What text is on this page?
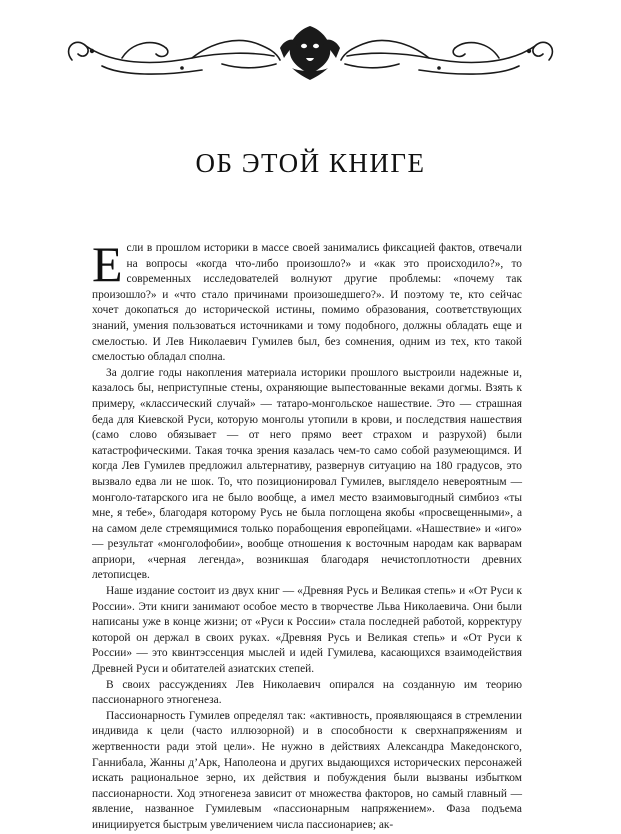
ОБ ЭТОЙ КНИГЕ

Если в прошлом историки в массе своей занимались фиксацией фактов, отвечали на вопросы «когда что-либо произошло?» и «как это происходило?», то современных исследователей волнуют другие проблемы: «почему так произошло?» и «что стало причинами произошедшего?». И поэтому те, кто сейчас хочет докопаться до исторической истины, помимо образования, соответствующих знаний, умения пользоваться источниками и тому подобного, должны обладать еще и смелостью. И Лев Николаевич Гумилев был, без сомнения, одним из тех, кто такой смелостью обладал сполна.

За долгие годы накопления материала историки прошлого выстроили надежные и, казалось бы, неприступные стены, охраняющие выпестованные веками догмы. Взять к примеру, «классический случай» — татаро-монгольское нашествие. Это — страшная беда для Киевской Руси, которую монголы утопили в крови, и последствия нашествия (само слово обязывает — от него прямо веет страхом и разрухой) были катастрофическими. Такая точка зрения казалась чем-то само собой разумеющимся. И когда Лев Гумилев предложил альтернативу, развернув ситуацию на 180 градусов, это вызвало едва ли не шок. То, что позиционировал Гумилев, выглядело невероятным — монголо-татарского ига не было вообще, а имел место взаимовыгодный симбиоз «ты мне, я тебе», благодаря которому Русь не была поглощена якобы «просвещенными», а на самом деле стремящимися только порабощения европейцами. «Нашествие» и «иго» — результат «монголофобии», вообще отношения к восточным народам как варварам априори, «черная легенда», возникшая благодаря нечистоплотности древних летописцев.

Наше издание состоит из двух книг — «Древняя Русь и Великая степь» и «От Руси к России». Эти книги занимают особое место в творчестве Льва Николаевича. Они были написаны уже в конце жизни; от «Руси к России» стала последней работой, корректуру которой он держал в своих руках. «Древняя Русь и Великая степь» и «От Руси к России» — это квинтэссенция мыслей и идей Гумилева, касающихся взаимодействия Древней Руси и обитателей азиатских степей.

В своих рассуждениях Лев Николаевич опирался на созданную им теорию пассионарного этногенеза.

Пассионарность Гумилев определял так: «активность, проявляющаяся в стремлении индивида к цели (часто иллюзорной) и в способности к сверхнапряжениям и жертвенности ради этой цели». Не нужно в действиях Александра Македонского, Ганнибала, Жанны д’Арк, Наполеона и других выдающихся исторических персонажей искать рациональное зерно, их действия и побуждения были вызваны избытком пассионарности. Ход этногенеза зависит от множества факторов, но самый главный — явление, названное Гумилевым «пассионарным напряжением». Фаза подъема инициируется быстрым увеличением числа пассионариев; ак-
